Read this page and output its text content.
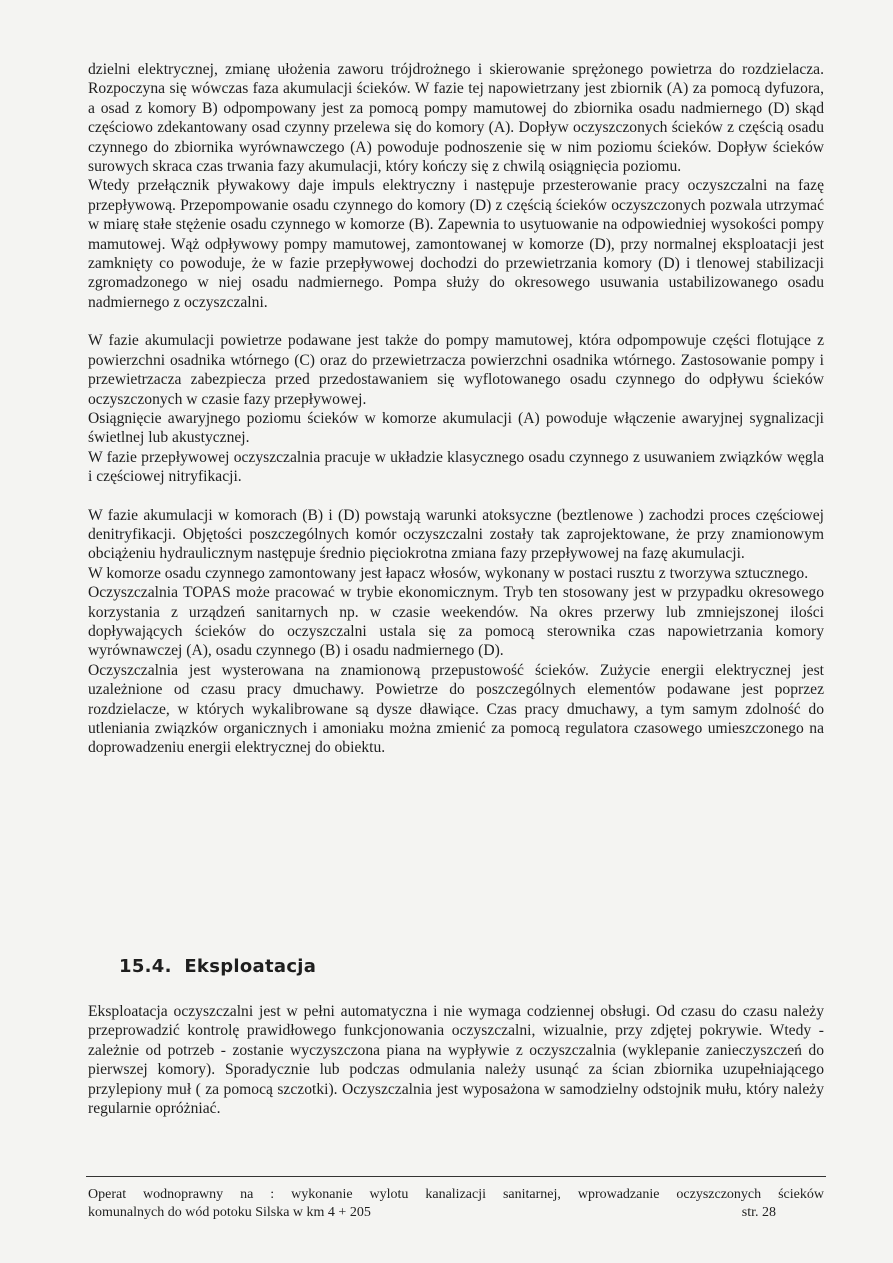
dzielni elektrycznej, zmianę ułożenia zaworu trójdrożnego i skierowanie sprężonego powietrza do rozdzielacza. Rozpoczyna się wówczas faza akumulacji ścieków. W fazie tej napowietrzany jest zbiornik (A) za pomocą dyfuzora, a osad z komory B) odpompowany jest za pomocą pompy mamutowej do zbiornika osadu nadmiernego (D) skąd częściowo zdekantowany osad czynny przelewa się do komory (A). Dopływ oczyszczonych ścieków z częścią osadu czynnego do zbiornika wyrównawczego (A) powoduje podnoszenie się w nim poziomu ścieków. Dopływ ścieków surowych skraca czas trwania fazy akumulacji, który kończy się z chwilą osiągnięcia poziomu.

Wtedy przełącznik pływakowy daje impuls elektryczny i następuje przesterowanie pracy oczyszczalni na fazę przepływową. Przepompowanie osadu czynnego do komory (D) z częścią ścieków oczyszczonych pozwala utrzymać w miarę stałe stężenie osadu czynnego w komorze (B). Zapewnia to usytuowanie na odpowiedniej wysokości pompy mamutowej. Wąż odpływowy pompy mamutowej, zamontowanej w komorze (D), przy normalnej eksploatacji jest zamknięty co powoduje, że w fazie przepływowej dochodzi do przewietrzania komory (D) i tlenowej stabilizacji zgromadzonego w niej osadu nadmiernego. Pompa służy do okresowego usuwania ustabilizowanego osadu nadmiernego z oczyszczalni.

W fazie akumulacji powietrze podawane jest także do pompy mamutowej, która odpompowuje części flotujące z powierzchni osadnika wtórnego (C) oraz do przewietrzacza powierzchni osadnika wtórnego. Zastosowanie pompy i przewietrzacza zabezpiecza przed przedostawaniem się wyflotowanego osadu czynnego do odpływu ścieków oczyszczonych w czasie fazy przepływowej.

Osiągnięcie awaryjnego poziomu ścieków w komorze akumulacji (A) powoduje włączenie awaryjnej sygnalizacji świetlnej lub akustycznej.

W fazie przepływowej oczyszczalnia pracuje w układzie klasycznego osadu czynnego z usuwaniem związków węgla i częściowej nitryfikacji.

W fazie akumulacji w komorach (B) i (D) powstają warunki atoksyczne (beztlenowe ) zachodzi proces częściowej denitryfikacji. Objętości poszczególnych komór oczyszczalni zostały tak zaprojektowane, że przy znamionowym obciążeniu hydraulicznym następuje średnio pięciokrotna zmiana fazy przepływowej na fazę akumulacji.

W komorze osadu czynnego zamontowany jest łapacz włosów, wykonany w postaci rusztu z tworzywa sztucznego.

Oczyszczalnia TOPAS może pracować w trybie ekonomicznym. Tryb ten stosowany jest w przypadku okresowego korzystania z urządzeń sanitarnych np. w czasie weekendów. Na okres przerwy lub zmniejszonej ilości dopływających ścieków do oczyszczalni ustala się za pomocą sterownika czas napowietrzania komory wyrównawczej (A), osadu czynnego (B) i osadu nadmiernego (D).

Oczyszczalnia jest wysterowana na znamionową przepustowość ścieków. Zużycie energii elektrycznej jest uzależnione od czasu pracy dmuchawy. Powietrze do poszczególnych elementów podawane jest poprzez rozdzielacze, w których wykalibrowane są dysze dławiące. Czas pracy dmuchawy, a tym samym zdolność do utleniania związków organicznych i amoniaku można zmienić za pomocą regulatora czasowego umieszczonego na doprowadzeniu energii elektrycznej do obiektu.

15.4. Eksploatacja

Eksploatacja oczyszczalni jest w pełni automatyczna i nie wymaga codziennej obsługi. Od czasu do czasu należy przeprowadzić kontrolę prawidłowego funkcjonowania oczyszczalni, wizualnie, przy zdjętej pokrywie. Wtedy - zależnie od potrzeb - zostanie wyczyszczona piana na wypływie z oczyszczalnia (wyklepanie zanieczyszczeń do pierwszej komory). Sporadycznie lub podczas odmulania należy usunąć za ścian zbiornika uzupełniającego przylepiony muł ( za pomocą szczotki). Oczyszczalnia jest wyposażona w samodzielny odstojnik mułu, który należy regularnie opróżniać.

Operat wodnoprawny na : wykonanie wylotu kanalizacji sanitarnej, wprowadzanie oczyszczonych ścieków
komunalnych do wód potoku Silska w km 4 + 205	str. 28
